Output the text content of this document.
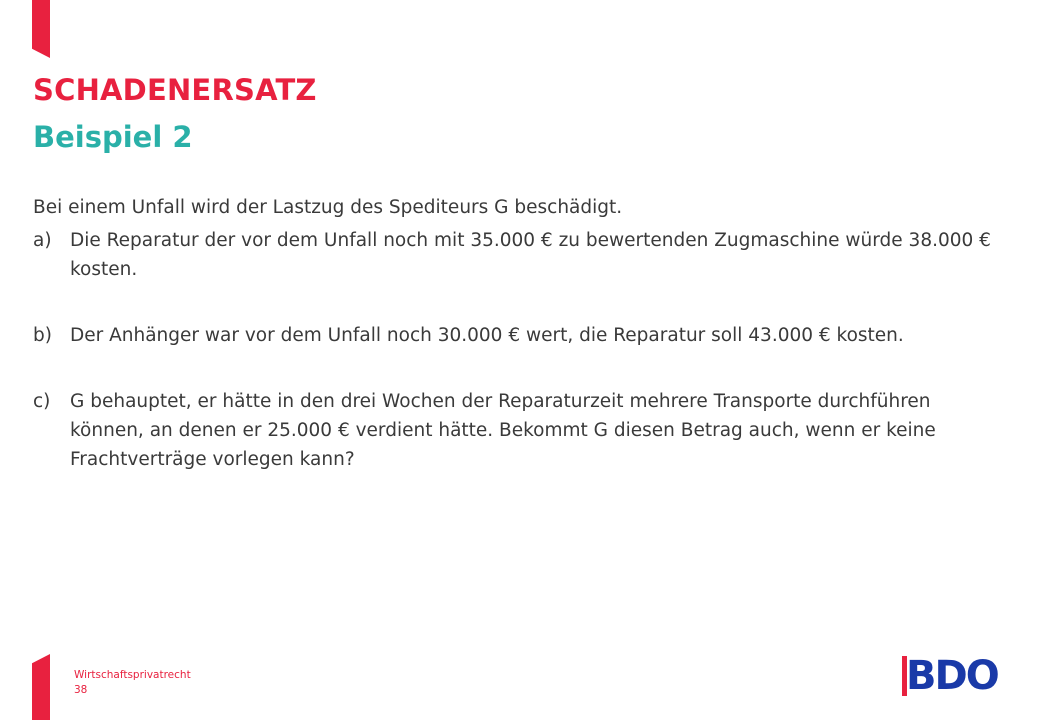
SCHADENERSATZ
Beispiel 2

Bei einem Unfall wird der Lastzug des Spediteurs G beschädigt.

a) Die Reparatur der vor dem Unfall noch mit 35.000 € zu bewertenden Zugmaschine würde 38.000 € kosten.

b) Der Anhänger war vor dem Unfall noch 30.000 € wert, die Reparatur soll 43.000 € kosten.

c) G behauptet, er hätte in den drei Wochen der Reparaturzeit mehrere Transporte durchführen können, an denen er 25.000 € verdient hätte. Bekommt G diesen Betrag auch, wenn er keine Frachtverträge vorlegen kann?

Wirtschaftsprivatrecht
38	BDO
